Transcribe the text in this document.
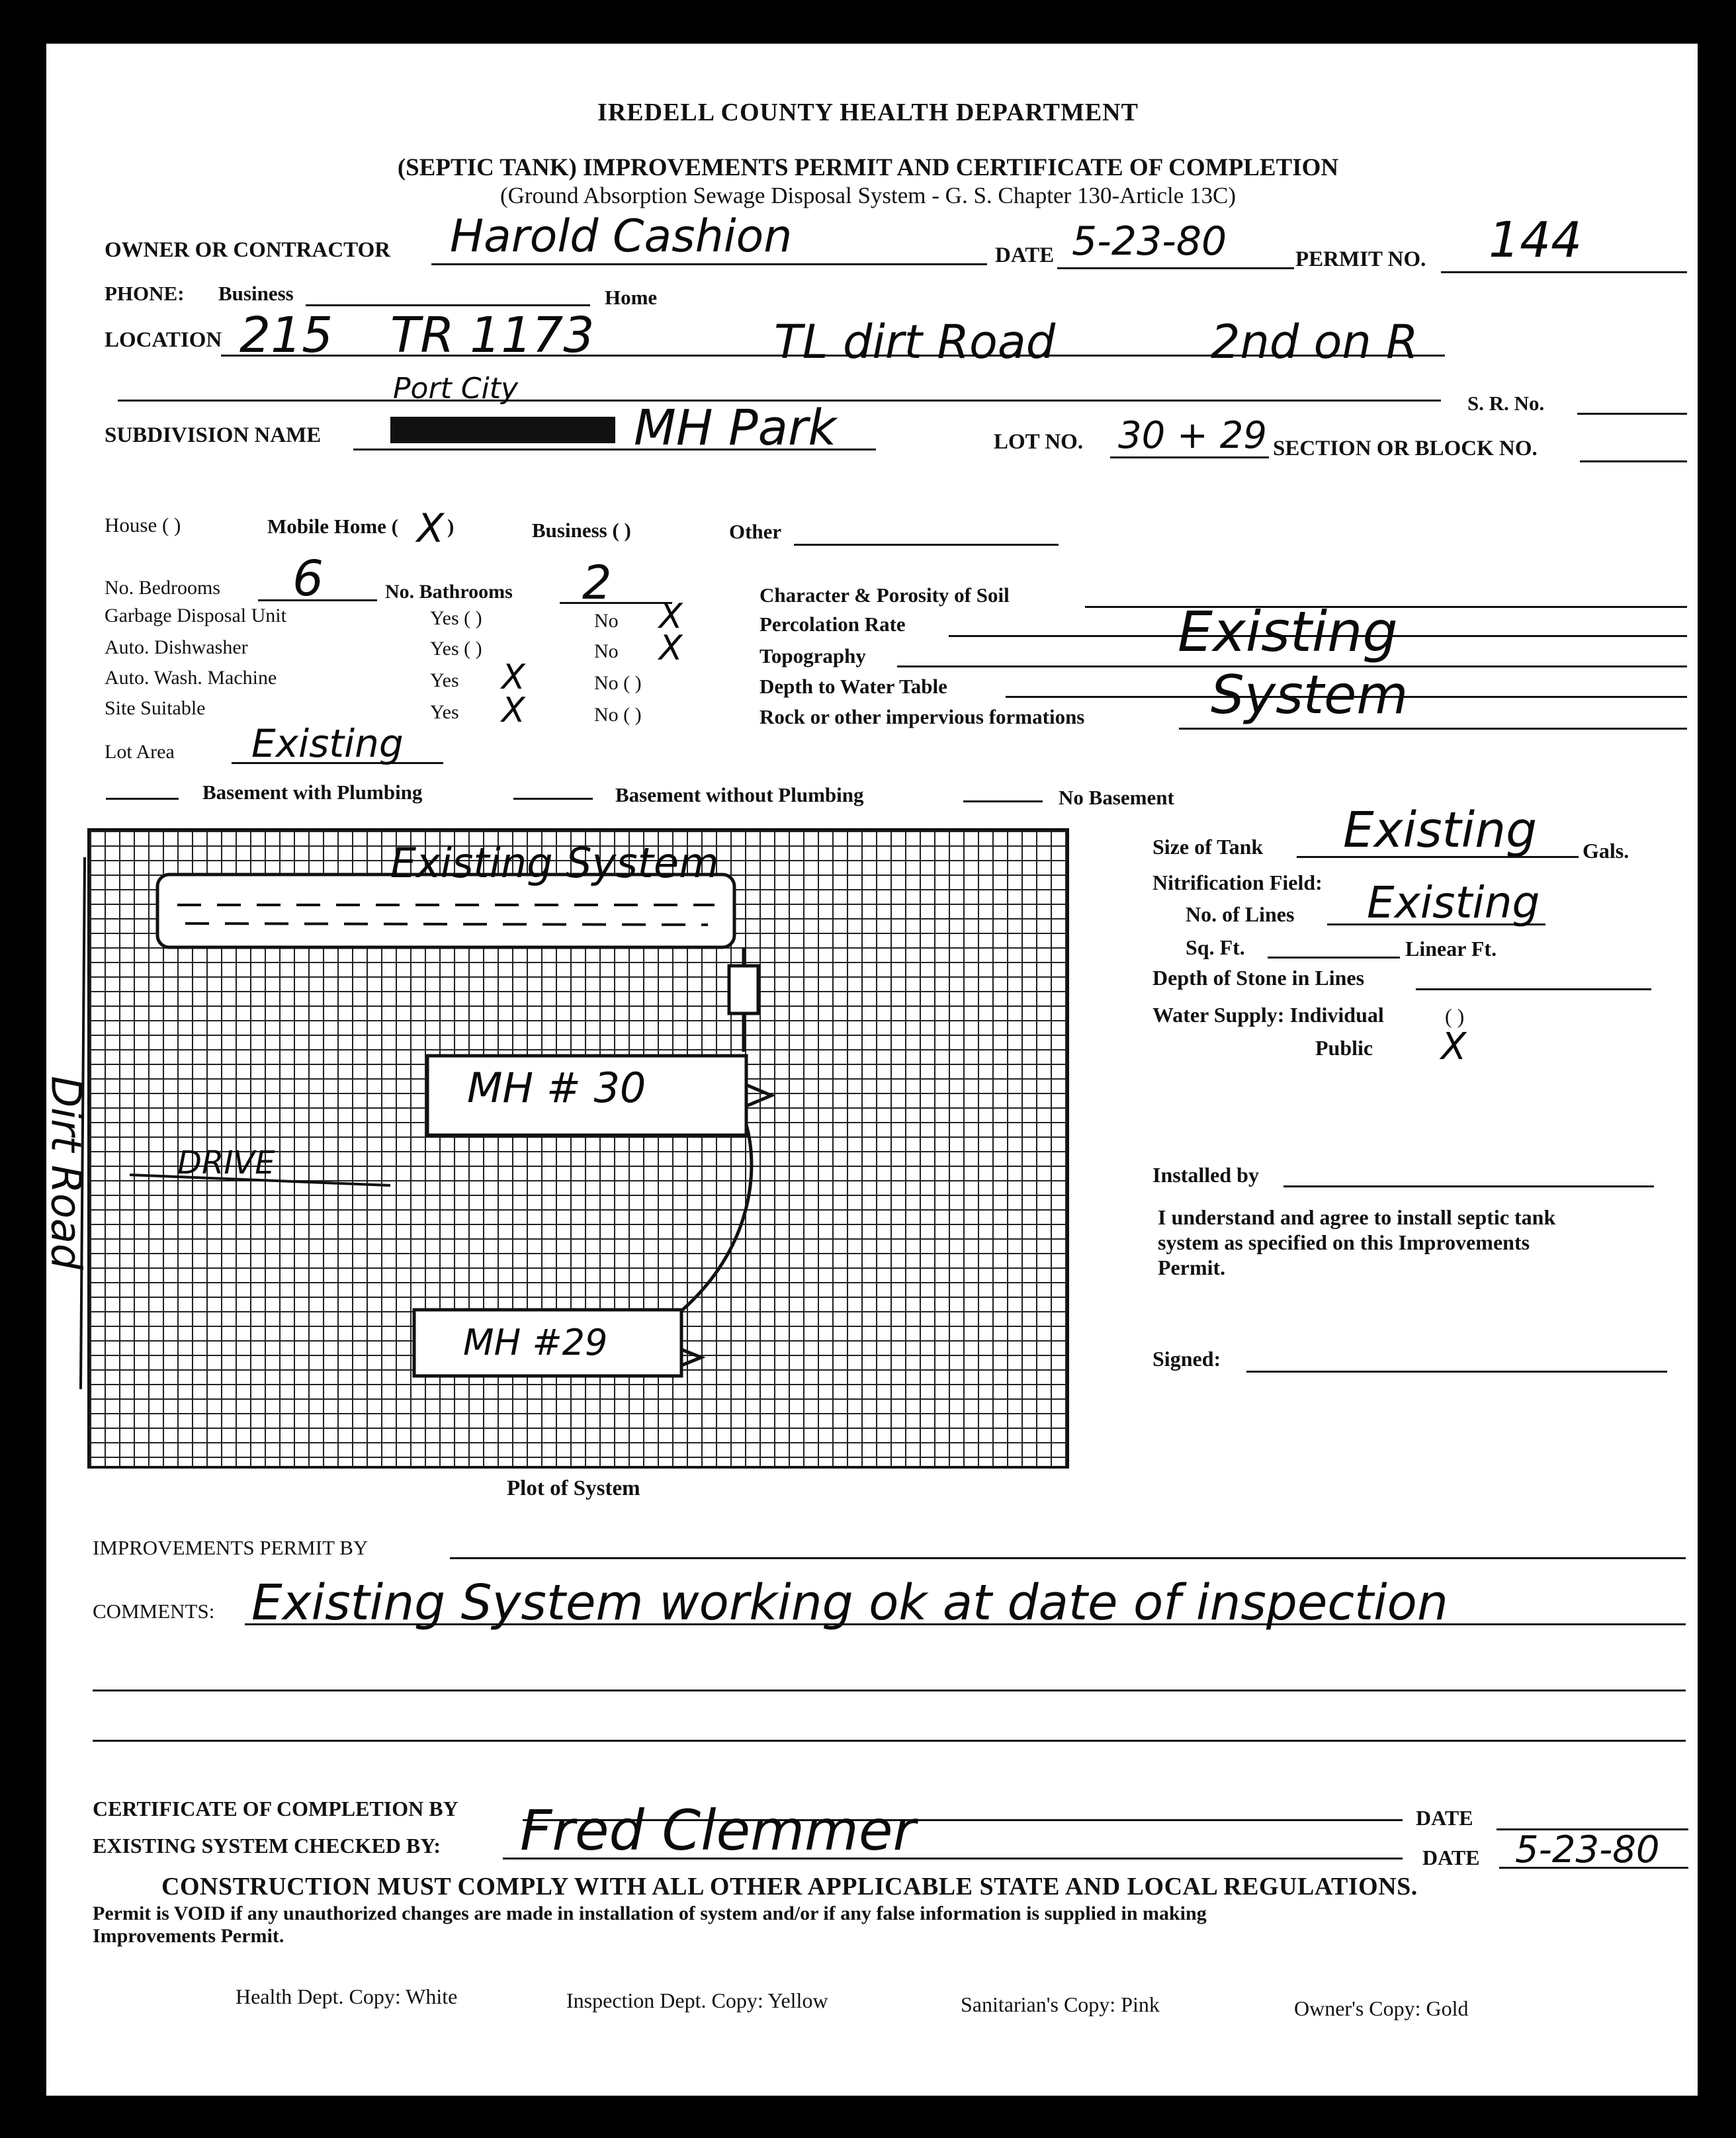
IREDELL COUNTY HEALTH DEPARTMENT
(SEPTIC TANK) IMPROVEMENTS PERMIT AND CERTIFICATE OF COMPLETION
(Ground Absorption Sewage Disposal System - G. S. Chapter 130-Article 13C)
OWNER OR CONTRACTOR Harold Cashion	DATE 5-23-80	PERMIT NO. 144
PHONE: Business	Home
LOCATION 215 TR 1173	TL dirt Road	2nd on R
S. R. No.
SUBDIVISION NAME
Port City
MH Park	LOT NO. 30 + 29 SECTION OR BLOCK NO.
House ( )	Mobile Home ( X )	Business ( )	Other
No. Bedrooms 6	No. Bathrooms 2
Garbage Disposal Unit	Yes ( )	No X
Auto. Dishwasher	Yes ( )	No X
Auto. Wash. Machine	Yes X	No ( )
Site Suitable	Yes X	No ( )
Character & Porosity of Soil
Percolation Rate
Topography
Depth to Water Table
Rock or other impervious formations
Existing
System
Lot Area Existing
Basement with Plumbing	Basement without Plumbing	No Basement
Existing System
MH # 30
MH #29
DRIVE
Dirt Road
Plot of System
Size of Tank Existing Gals.
Nitrification Field:
No. of Lines Existing
Sq. Ft.	Linear Ft.
Depth of Stone in Lines
Water Supply: Individual	( )
Public X
Installed by
I understand and agree to install septic tank
system as specified on this Improvements
Permit.
Signed:
IMPROVEMENTS PERMIT BY
COMMENTS: Existing System working ok at date of inspection
CERTIFICATE OF COMPLETION BY	DATE
EXISTING SYSTEM CHECKED BY: Fred Clemmer	DATE 5-23-80
CONSTRUCTION MUST COMPLY WITH ALL OTHER APPLICABLE STATE AND LOCAL REGULATIONS.
Permit is VOID if any unauthorized changes are made in installation of system and/or if any false information is supplied in making
Improvements Permit.
Health Dept. Copy: White	Inspection Dept. Copy: Yellow	Sanitarian's Copy: Pink	Owner's Copy: Gold
